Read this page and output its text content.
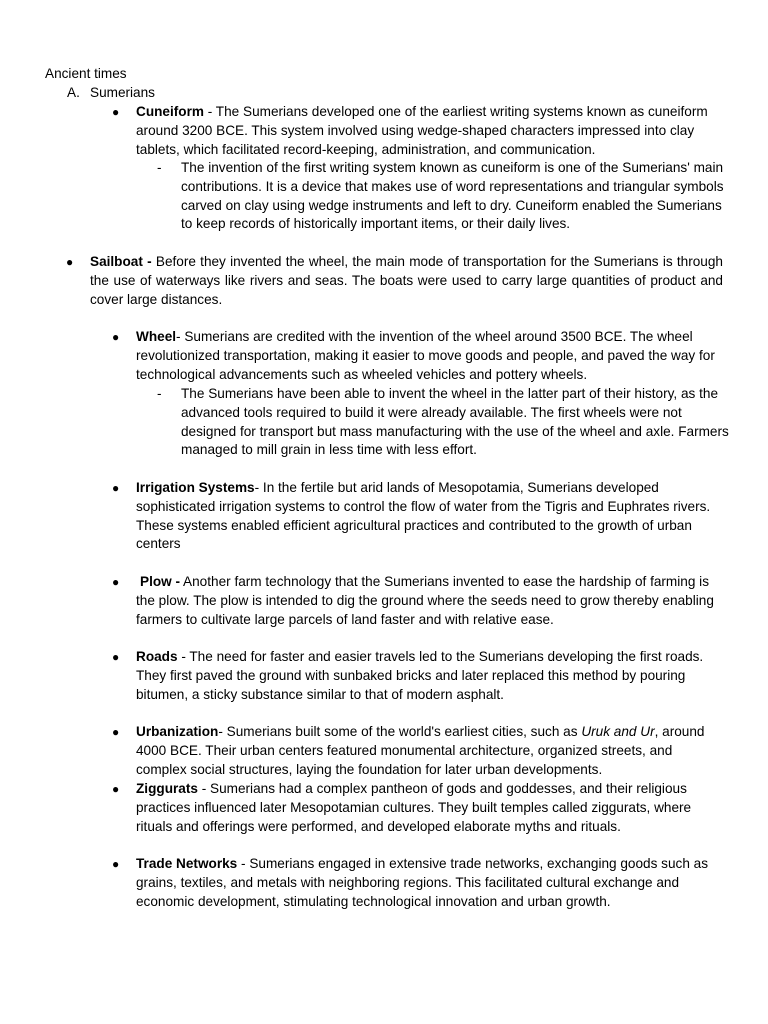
Ancient times
A. Sumerians
●	Cuneiform - The Sumerians developed one of the earliest writing systems known as cuneiform around 3200 BCE. This system involved using wedge-shaped characters impressed into clay tablets, which facilitated record-keeping, administration, and communication.
-	The invention of the first writing system known as cuneiform is one of the Sumerians' main contributions. It is a device that makes use of word representations and triangular symbols carved on clay using wedge instruments and left to dry. Cuneiform enabled the Sumerians to keep records of historically important items, or their daily lives.
●	Sailboat - Before they invented the wheel, the main mode of transportation for the Sumerians is through the use of waterways like rivers and seas. The boats were used to carry large quantities of product and cover large distances.
●	Wheel- Sumerians are credited with the invention of the wheel around 3500 BCE. The wheel revolutionized transportation, making it easier to move goods and people, and paved the way for technological advancements such as wheeled vehicles and pottery wheels.
-	The Sumerians have been able to invent the wheel in the latter part of their history, as the advanced tools required to build it were already available. The first wheels were not designed for transport but mass manufacturing with the use of the wheel and axle. Farmers managed to mill grain in less time with less effort.
●	Irrigation Systems- In the fertile but arid lands of Mesopotamia, Sumerians developed sophisticated irrigation systems to control the flow of water from the Tigris and Euphrates rivers. These systems enabled efficient agricultural practices and contributed to the growth of urban centers
●	Plow - Another farm technology that the Sumerians invented to ease the hardship of farming is the plow. The plow is intended to dig the ground where the seeds need to grow thereby enabling farmers to cultivate large parcels of land faster and with relative ease.
●	Roads - The need for faster and easier travels led to the Sumerians developing the first roads. They first paved the ground with sunbaked bricks and later replaced this method by pouring bitumen, a sticky substance similar to that of modern asphalt.
●	Urbanization- Sumerians built some of the world's earliest cities, such as Uruk and Ur, around 4000 BCE. Their urban centers featured monumental architecture, organized streets, and complex social structures, laying the foundation for later urban developments.
●	Ziggurats - Sumerians had a complex pantheon of gods and goddesses, and their religious practices influenced later Mesopotamian cultures. They built temples called ziggurats, where rituals and offerings were performed, and developed elaborate myths and rituals.
●	Trade Networks - Sumerians engaged in extensive trade networks, exchanging goods such as grains, textiles, and metals with neighboring regions. This facilitated cultural exchange and economic development, stimulating technological innovation and urban growth.
